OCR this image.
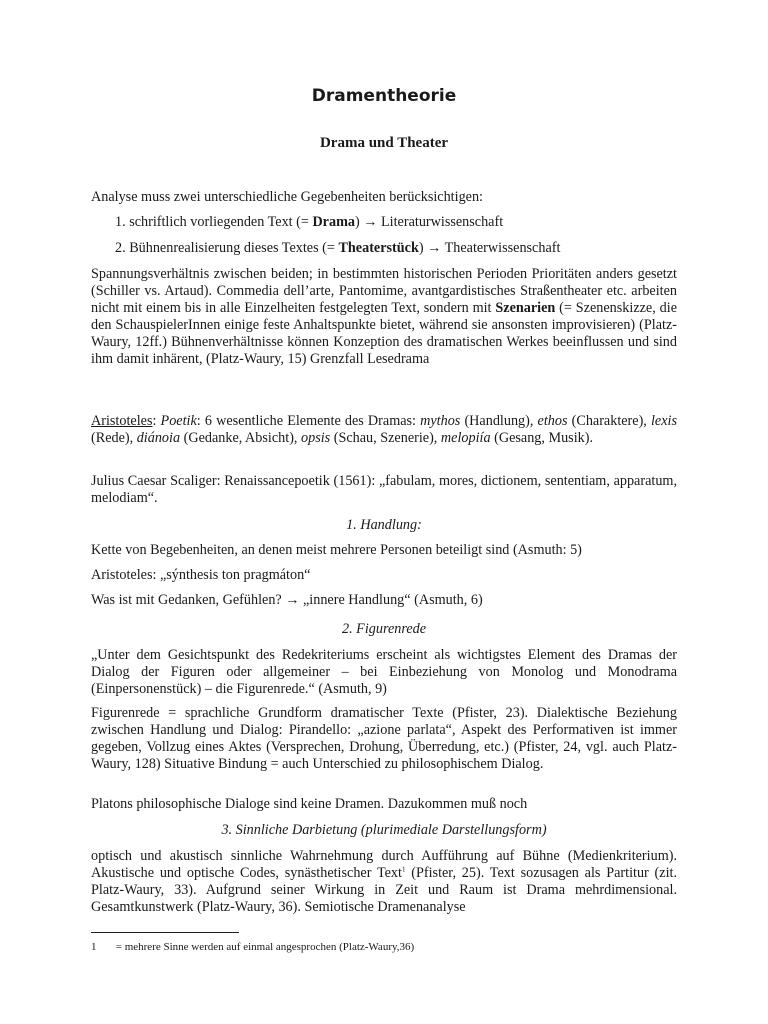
Dramentheorie
Drama und Theater

Analyse muss zwei unterschiedliche Gegebenheiten berücksichtigen:

1. schriftlich vorliegenden Text (= Drama) → Literaturwissenschaft

2. Bühnenrealisierung dieses Textes (= Theaterstück) → Theaterwissenschaft

Spannungsverhältnis zwischen beiden; in bestimmten historischen Perioden Prioritäten anders gesetzt (Schiller vs. Artaud). Commedia dell’arte, Pantomime, avantgardistisches Straßentheater etc. arbeiten nicht mit einem bis in alle Einzelheiten festgelegten Text, sondern mit Szenarien (= Szenenskizze, die den SchauspielerInnen einige feste Anhaltspunkte bietet, während sie ansonsten improvisieren) (Platz-Waury, 12ff.) Bühnenverhältnisse können Konzeption des dramatischen Werkes beeinflussen und sind ihm damit inhärent, (Platz-Waury, 15) Grenzfall Lesedrama

Aristoteles: Poetik: 6 wesentliche Elemente des Dramas: mythos (Handlung), ethos (Charaktere), lexis (Rede), diánoia (Gedanke, Absicht), opsis (Schau, Szenerie), melopiía (Gesang, Musik).

Julius Caesar Scaliger: Renaissancepoetik (1561): „fabulam, mores, dictionem, sententiam, apparatum, melodiam“.

1. Handlung:

Kette von Begebenheiten, an denen meist mehrere Personen beteiligt sind (Asmuth: 5)

Aristoteles: „sýnthesis ton pragmáton“

Was ist mit Gedanken, Gefühlen? → „innere Handlung“ (Asmuth, 6)

2. Figurenrede

„Unter dem Gesichtspunkt des Redekriteriums erscheint als wichtigstes Element des Dramas der Dialog der Figuren oder allgemeiner – bei Einbeziehung von Monolog und Monodrama (Einpersonenstück) – die Figurenrede.“ (Asmuth, 9)

Figurenrede = sprachliche Grundform dramatischer Texte (Pfister, 23). Dialektische Beziehung zwischen Handlung und Dialog: Pirandello: „azione parlata“, Aspekt des Performativen ist immer gegeben, Vollzug eines Aktes (Versprechen, Drohung, Überredung, etc.) (Pfister, 24, vgl. auch Platz-Waury, 128) Situative Bindung = auch Unterschied zu philosophischem Dialog.

Platons philosophische Dialoge sind keine Dramen. Dazukommen muß noch

3. Sinnliche Darbietung (plurimediale Darstellungsform)

optisch und akustisch sinnliche Wahrnehmung durch Aufführung auf Bühne (Medienkriterium). Akustische und optische Codes, synästhetischer Text$^1$ (Pfister, 25). Text sozusagen als Partitur (zit. Platz-Waury, 33). Aufgrund seiner Wirkung in Zeit und Raum ist Drama mehrdimensional. Gesamtkunstwerk (Platz-Waury, 36). Semiotische Dramenanalyse

1 = mehrere Sinne werden auf einmal angesprochen (Platz-Waury,36)
